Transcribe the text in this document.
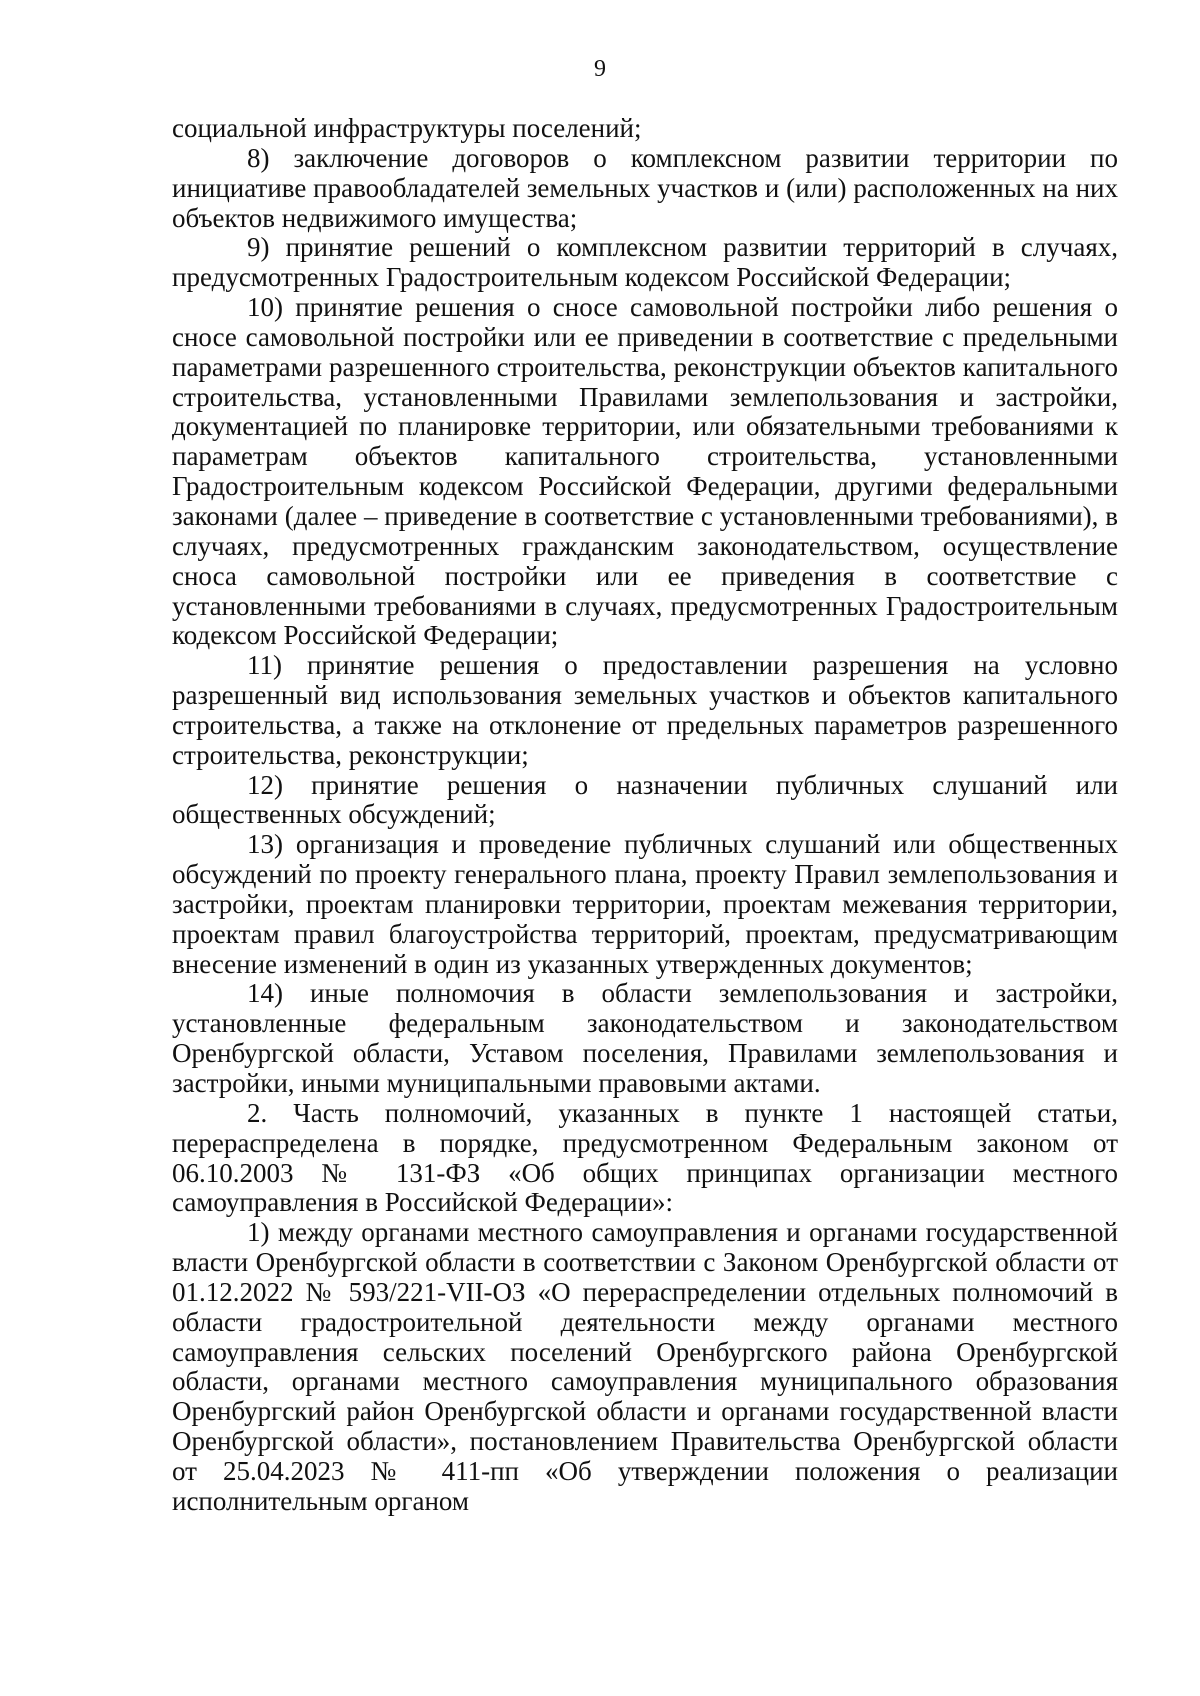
9

социальной инфраструктуры поселений;

8) заключение договоров о комплексном развитии территории по инициативе правообладателей земельных участков и (или) расположенных на них объектов недвижимого имущества;

9) принятие решений о комплексном развитии территорий в случаях, предусмотренных Градостроительным кодексом Российской Федерации;

10) принятие решения о сносе самовольной постройки либо решения о сносе самовольной постройки или ее приведении в соответствие с предельными параметрами разрешенного строительства, реконструкции объектов капитального строительства, установленными Правилами землепользования и застройки, документацией по планировке территории, или обязательными требованиями к параметрам объектов капитального строительства, установленными Градостроительным кодексом Российской Федерации, другими федеральными законами (далее – приведение в соответствие с установленными требованиями), в случаях, предусмотренных гражданским законодательством, осуществление сноса самовольной постройки или ее приведения в соответствие с установленными требованиями в случаях, предусмотренных Градостроительным кодексом Российской Федерации;

11) принятие решения о предоставлении разрешения на условно разрешенный вид использования земельных участков и объектов капитального строительства, а также на отклонение от предельных параметров разрешенного строительства, реконструкции;

12) принятие решения о назначении публичных слушаний или общественных обсуждений;

13) организация и проведение публичных слушаний или общественных обсуждений по проекту генерального плана, проекту Правил землепользования и застройки, проектам планировки территории, проектам межевания территории, проектам правил благоустройства территорий, проектам, предусматривающим внесение изменений в один из указанных утвержденных документов;

14) иные полномочия в области землепользования и застройки, установленные федеральным законодательством и законодательством Оренбургской области, Уставом поселения, Правилами землепользования и застройки, иными муниципальными правовыми актами.

2. Часть полномочий, указанных в пункте 1 настоящей статьи, перераспределена в порядке, предусмотренном Федеральным законом от 06.10.2003 № 131-ФЗ «Об общих принципах организации местного самоуправления в Российской Федерации»:

1) между органами местного самоуправления и органами государственной власти Оренбургской области в соответствии с Законом Оренбургской области от 01.12.2022 № 593/221-VII-ОЗ «О перераспределении отдельных полномочий в области градостроительной деятельности между органами местного самоуправления сельских поселений Оренбургского района Оренбургской области, органами местного самоуправления муниципального образования Оренбургский район Оренбургской области и органами государственной власти Оренбургской области», постановлением Правительства Оренбургской области от 25.04.2023 № 411-пп «Об утверждении положения о реализации исполнительным органом
